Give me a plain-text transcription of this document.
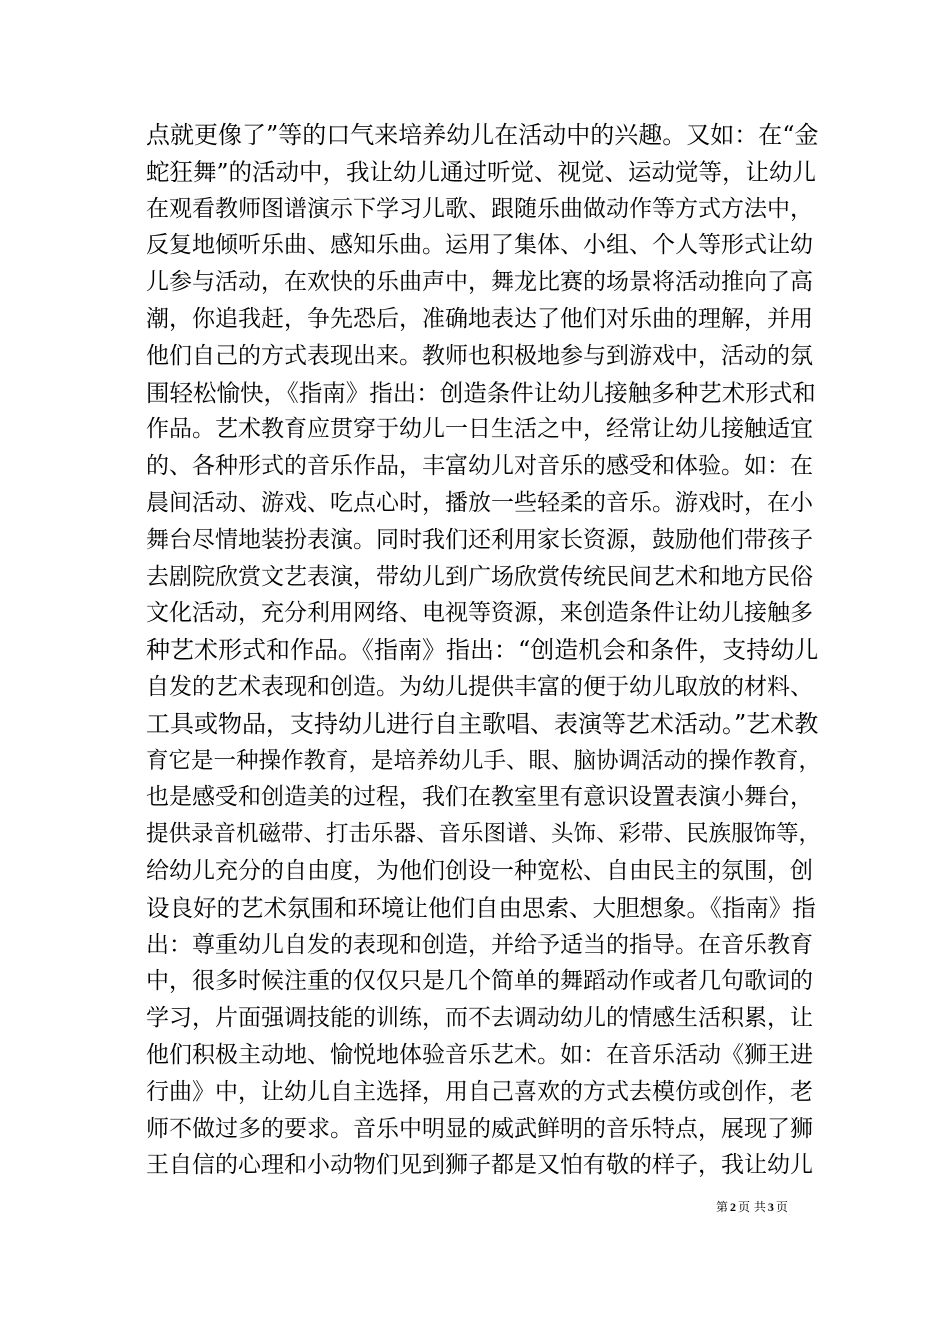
点就更像了”等的口气来培养幼儿在活动中的兴趣。又如：在“金
蛇狂舞”的活动中，我让幼儿通过听觉、视觉、运动觉等，让幼儿
在观看教师图谱演示下学习儿歌、跟随乐曲做动作等方式方法中，
反复地倾听乐曲、感知乐曲。运用了集体、小组、个人等形式让幼
儿参与活动，在欢快的乐曲声中，舞龙比赛的场景将活动推向了高
潮，你追我赶，争先恐后，准确地表达了他们对乐曲的理解，并用
他们自己的方式表现出来。教师也积极地参与到游戏中，活动的氛
围轻松愉快，《指南》指出：创造条件让幼儿接触多种艺术形式和
作品。艺术教育应贯穿于幼儿一日生活之中，经常让幼儿接触适宜
的、各种形式的音乐作品，丰富幼儿对音乐的感受和体验。如：在
晨间活动、游戏、吃点心时，播放一些轻柔的音乐。游戏时，在小
舞台尽情地装扮表演。同时我们还利用家长资源，鼓励他们带孩子
去剧院欣赏文艺表演，带幼儿到广场欣赏传统民间艺术和地方民俗
文化活动，充分利用网络、电视等资源，来创造条件让幼儿接触多
种艺术形式和作品。《指南》指出：“创造机会和条件，支持幼儿
自发的艺术表现和创造。为幼儿提供丰富的便于幼儿取放的材料、
工具或物品，支持幼儿进行自主歌唱、表演等艺术活动。”艺术教
育它是一种操作教育，是培养幼儿手、眼、脑协调活动的操作教育，
也是感受和创造美的过程，我们在教室里有意识设置表演小舞台，
提供录音机磁带、打击乐器、音乐图谱、头饰、彩带、民族服饰等，
给幼儿充分的自由度，为他们创设一种宽松、自由民主的氛围，创
设良好的艺术氛围和环境让他们自由思索、大胆想象。《指南》指
出：尊重幼儿自发的表现和创造，并给予适当的指导。在音乐教育
中，很多时候注重的仅仅只是几个简单的舞蹈动作或者几句歌词的
学习，片面强调技能的训练，而不去调动幼儿的情感生活积累，让
他们积极主动地、愉悦地体验音乐艺术。如：在音乐活动《狮王进
行曲》中，让幼儿自主选择，用自己喜欢的方式去模仿或创作，老
师不做过多的要求。音乐中明显的威武鲜明的音乐特点，展现了狮
王自信的心理和小动物们见到狮子都是又怕有敬的样子，我让幼儿
第 2 页 共 3 页
